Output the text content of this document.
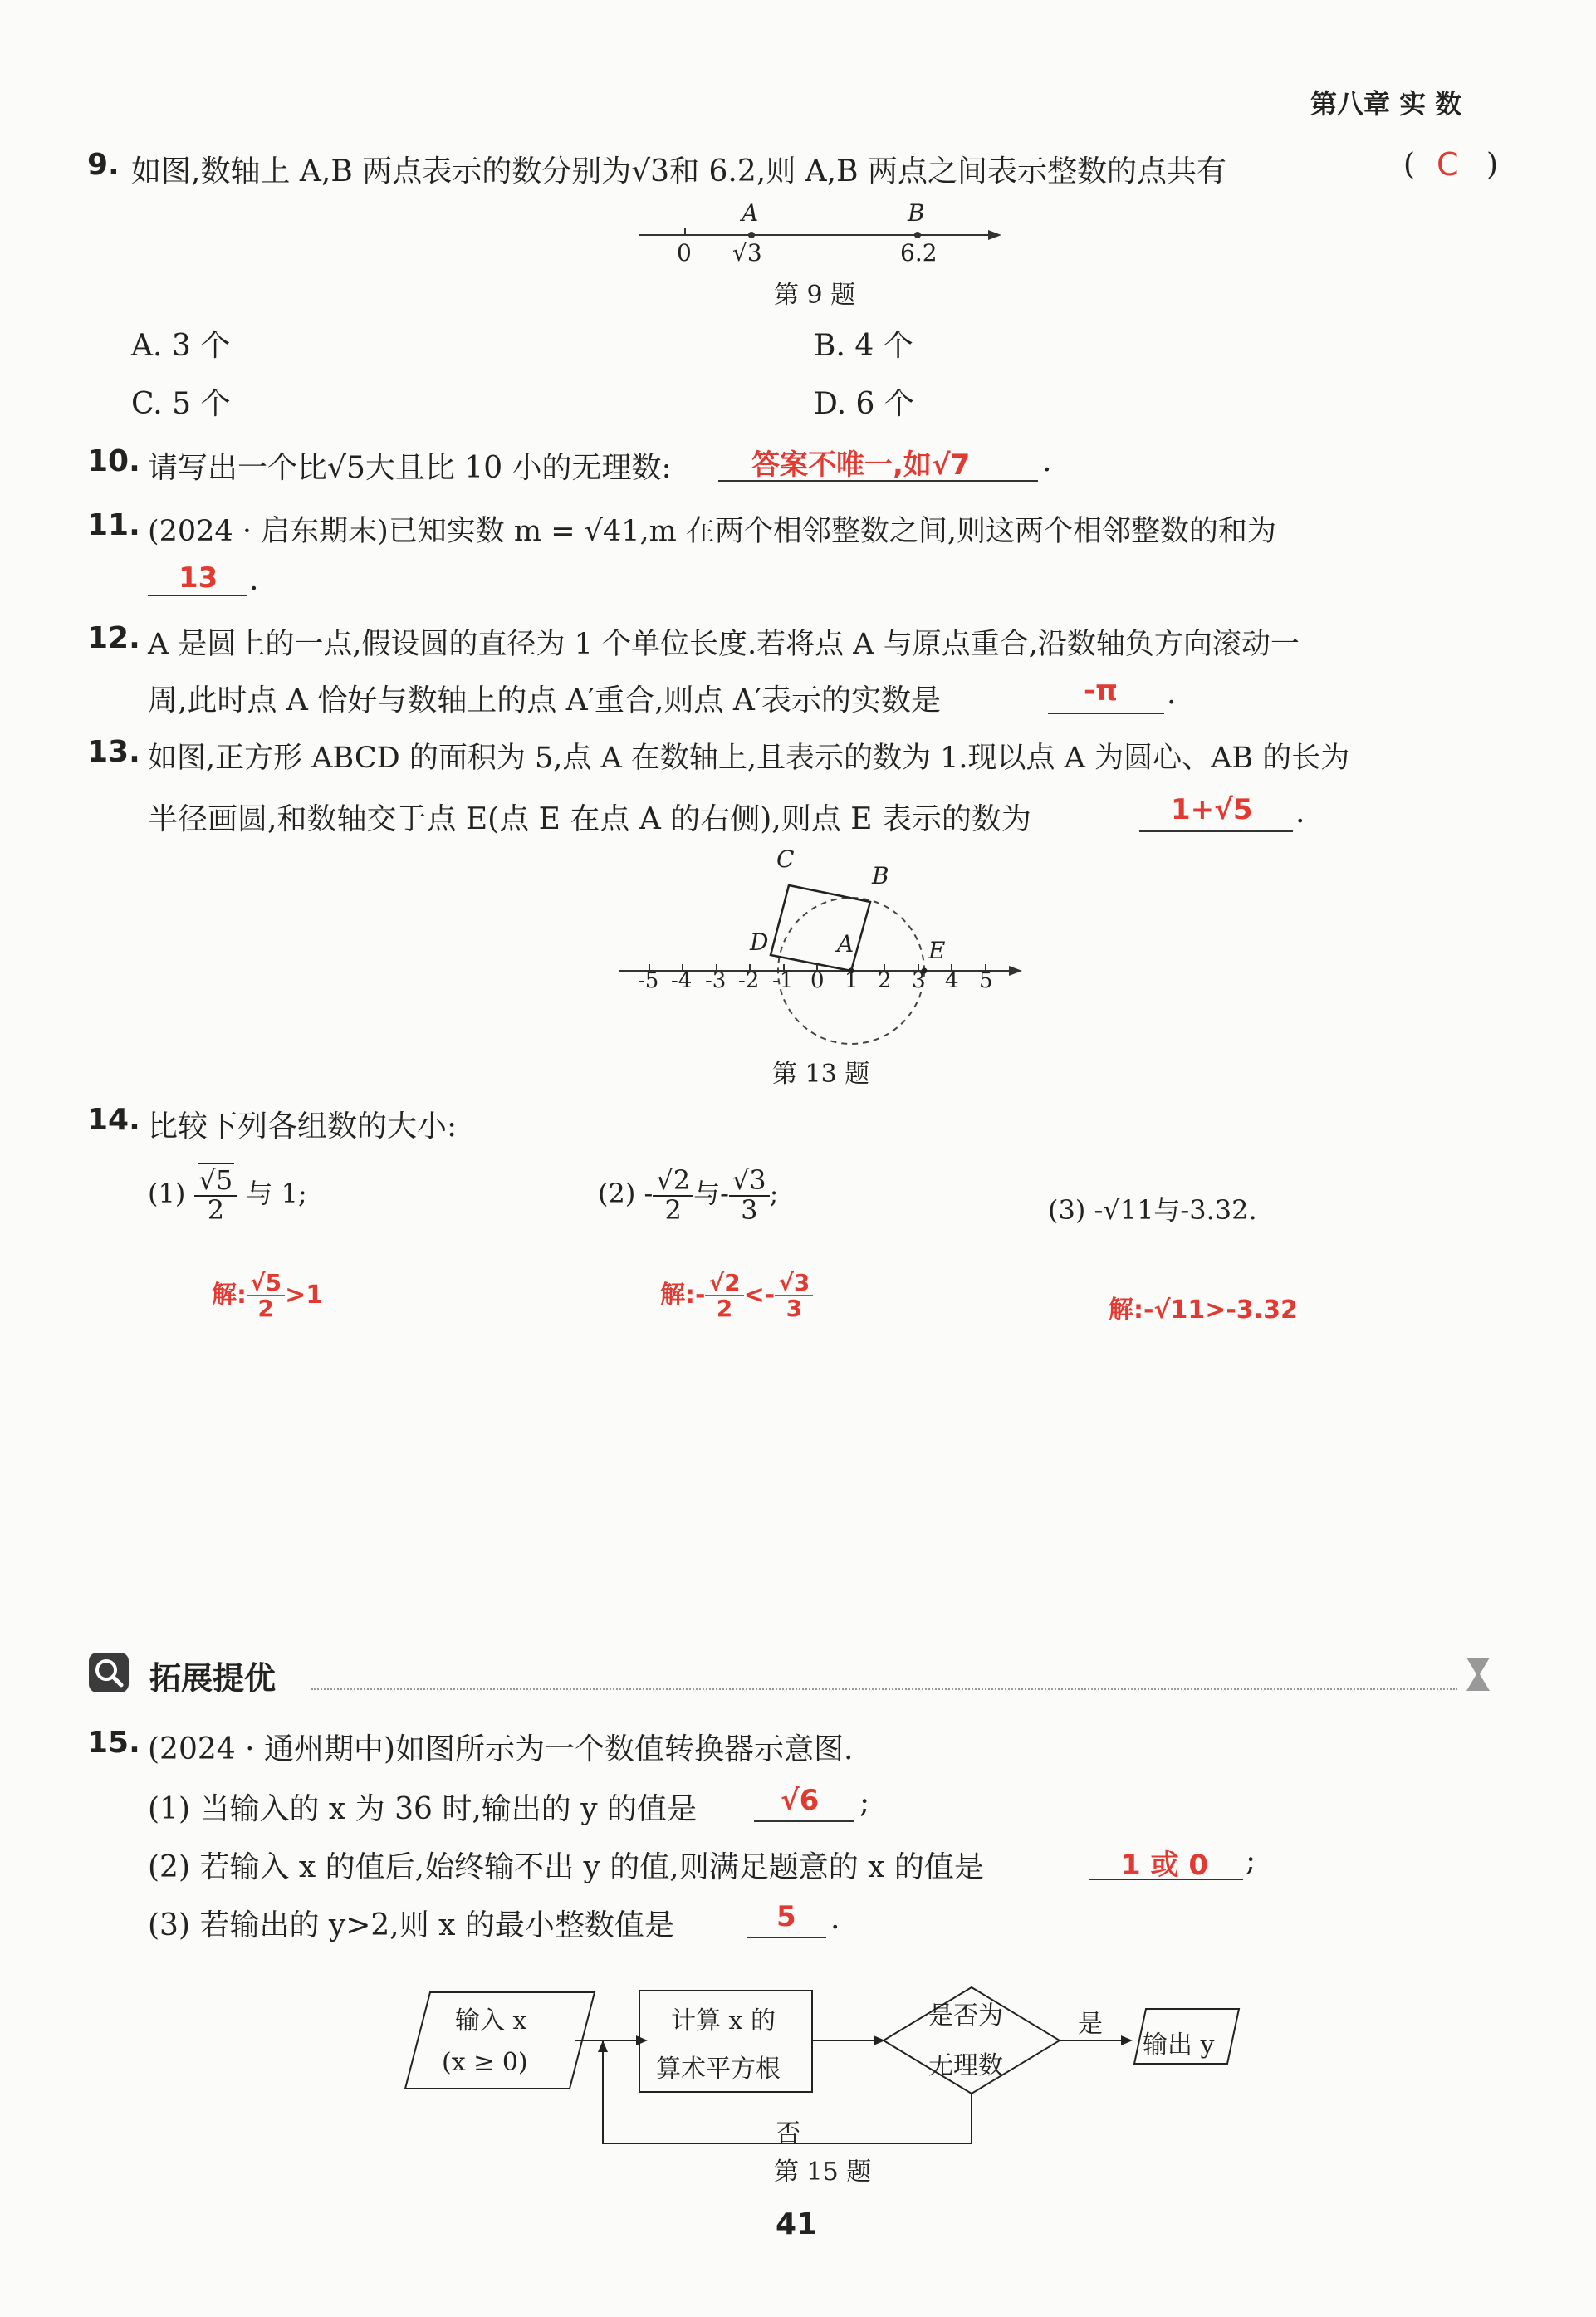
第八章 实 数
9. 如图,数轴上 A,B 两点表示的数分别为√3和 6.2,则 A,B 两点之间表示整数的点共有	( C )
A	B
0 √3	6.2
第 9 题
A. 3 个	B. 4 个
C. 5 个	D. 6 个
10. 请写出一个比√5大且比 10 小的无理数:	答案不唯一,如√7 .
11. (2024 · 启东期末)已知实数 m = √41,m 在两个相邻整数之间,则这两个相邻整数的和为
13 .
12. A 是圆上的一点,假设圆的直径为 1 个单位长度.若将点 A 与原点重合,沿数轴负方向滚动一
周,此时点 A 恰好与数轴上的点 A′重合,则点 A′表示的实数是	-π .
13. 如图,正方形 ABCD 的面积为 5,点 A 在数轴上,且表示的数为 1.现以点 A 为圆心、AB 的长为
半径画圆,和数轴交于点 E(点 E 在点 A 的右侧),则点 E 表示的数为	1+√5 .
C
B
D	A	E
-5 -4 -3 -2 -1 0 1 2 3 4 5
第 13 题
14. 比较下列各组数的大小:
$(1) \frac{√5}{2}$ 与 1;	$(2) - \frac{√2}{2}$ 与- $\frac{√3}{3}$ ;
(3) -√11与-3.32.
解: $\frac{√5}{2} >1$	解:- $\frac{√2}{2} <- \frac{√3}{3}$	解:-√11>-3.32
拓展提优
15. (2024 · 通州期中)如图所示为一个数值转换器示意图.
(1) 当输入的 x 为 36 时,输出的 y 的值是	√6 ;
(2) 若输入 x 的值后,始终输不出 y 的值,则满足题意的 x 的值是	1 或 0 ;
(3) 若输出的 y>2,则 x 的最小整数值是	5 .
输入 x
(x ≥ 0)
计算 x 的
算术平方根
是否为
无理数
是
输出 y
否
第 15 题
41
